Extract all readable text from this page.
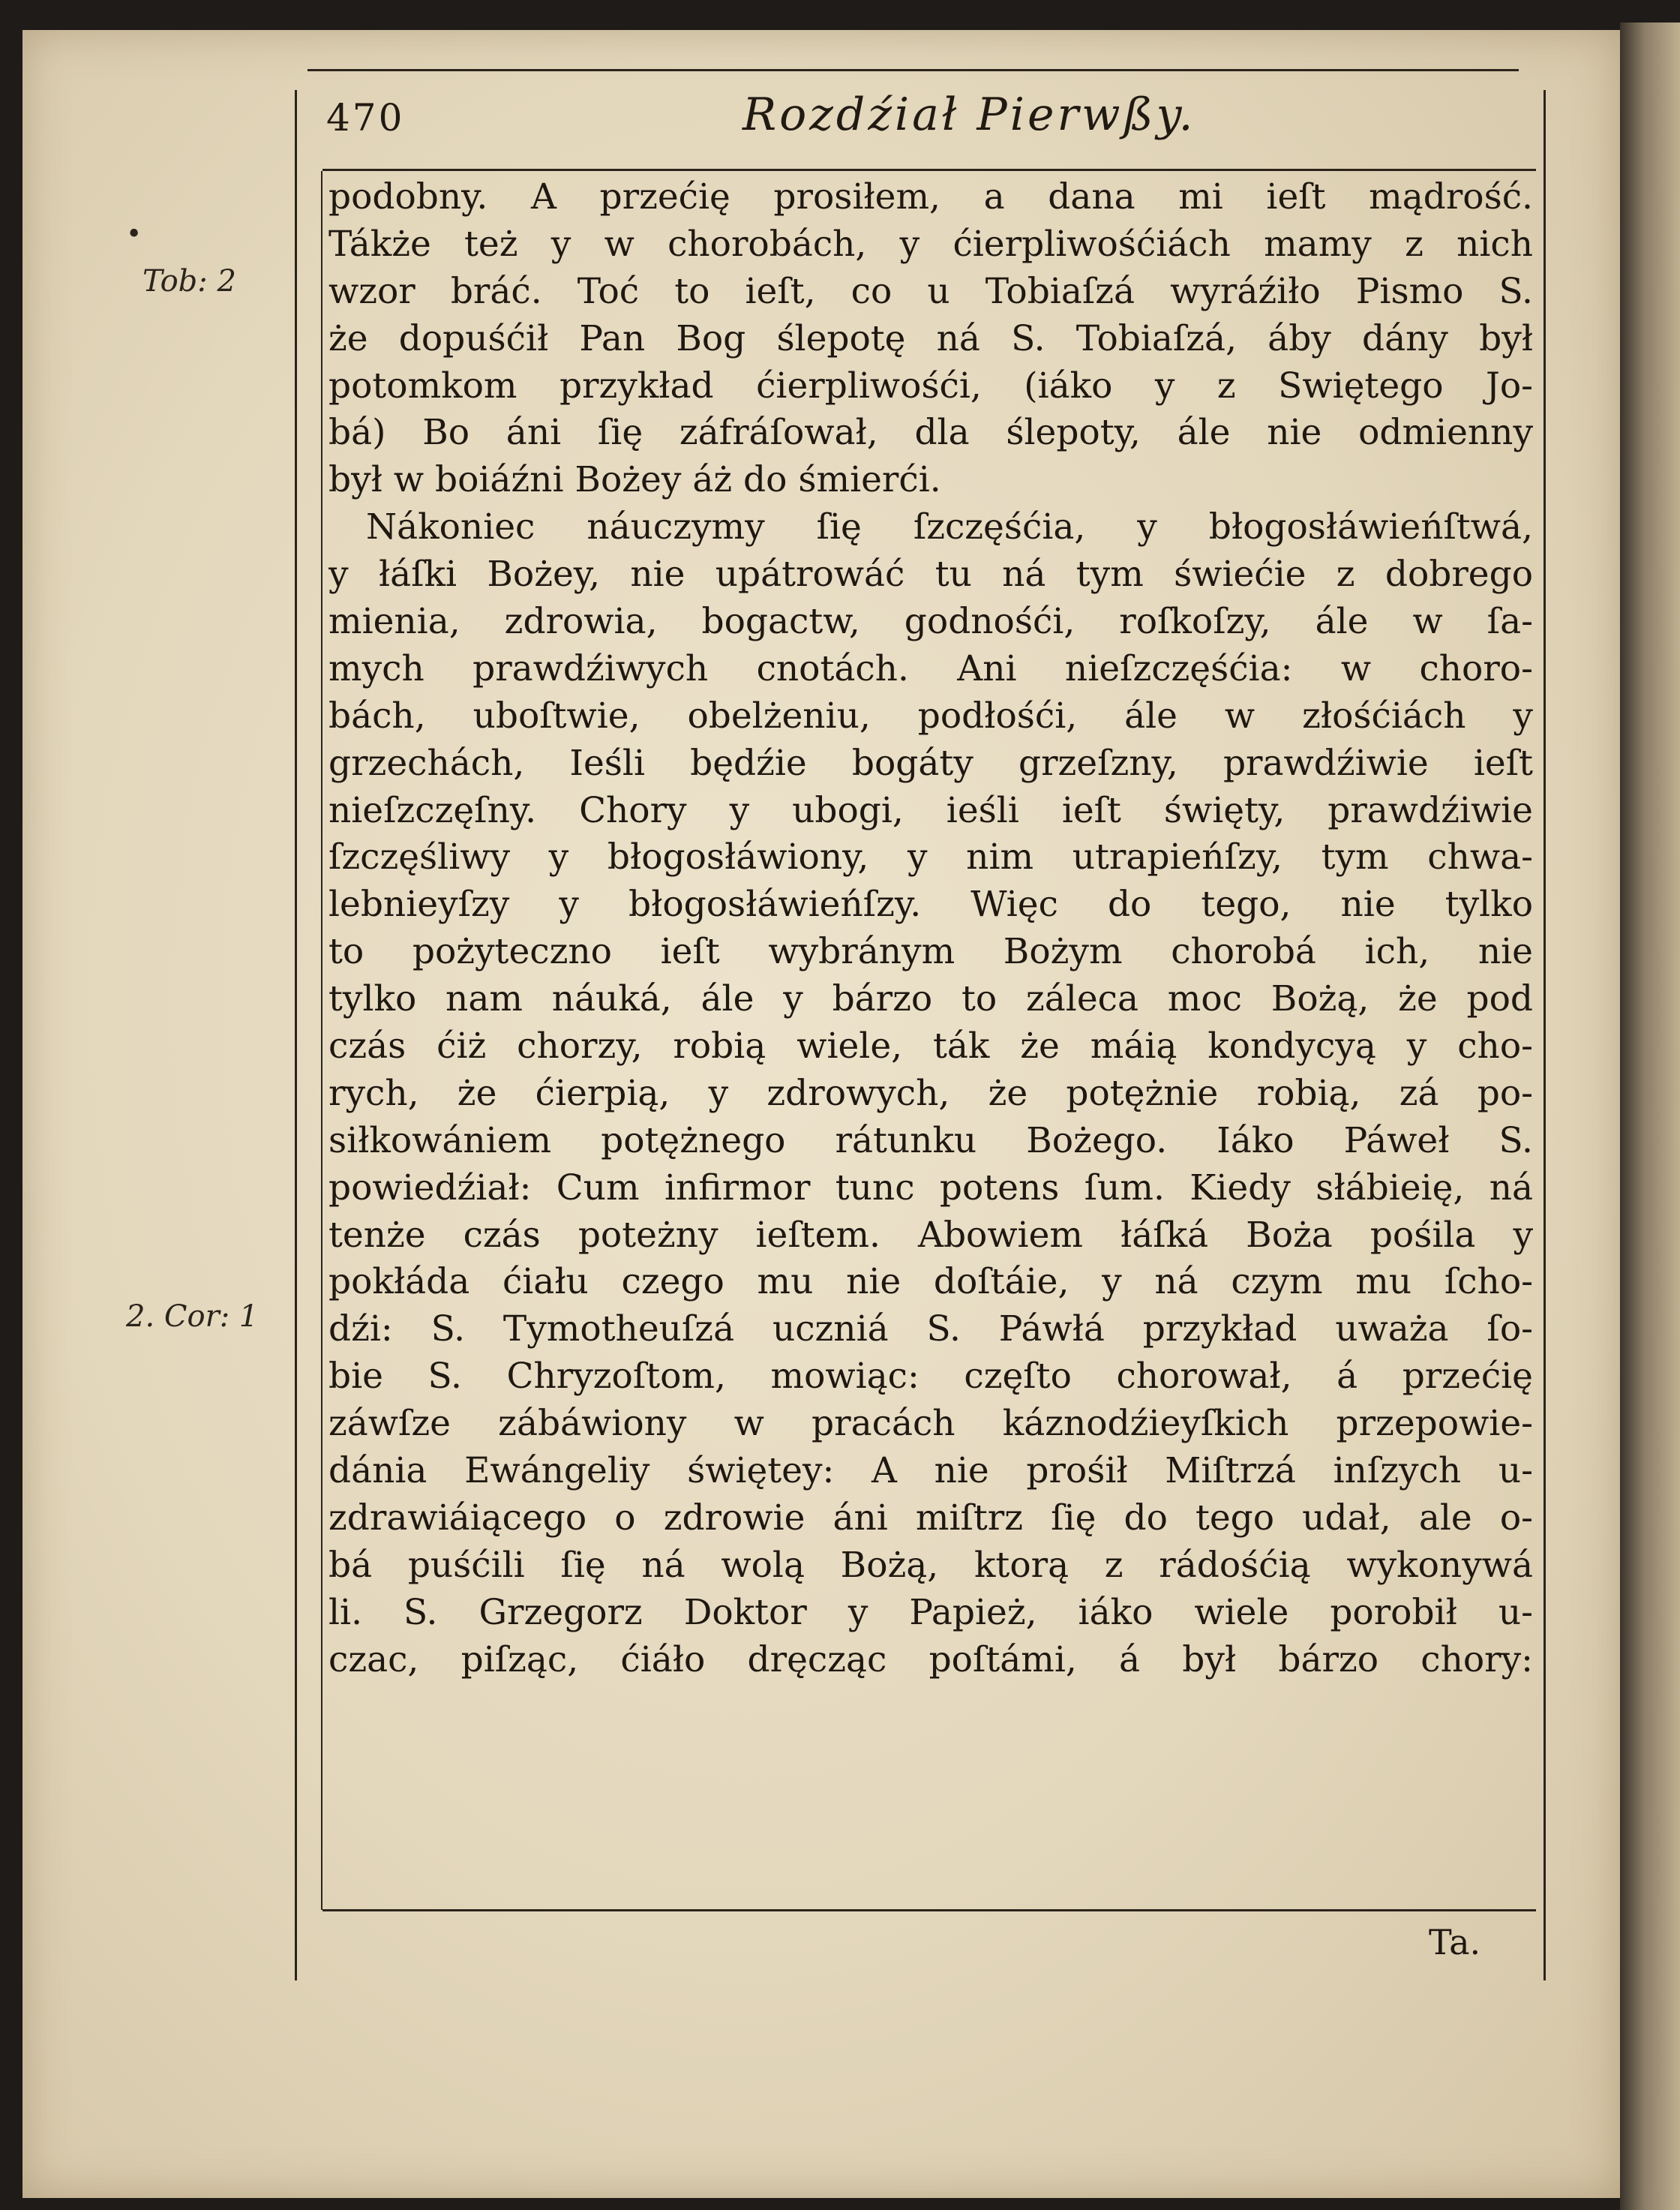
470	Rozdźiał Pierwßy.
•
Tob: 2
2. Cor: 1
podobny. A przećię prosiłem, a dana mi ieſt mądrość.
Tákże też y w chorobách, y ćierpliwośćiách mamy z nich
wzor bráć. Toć to ieſt, co u Tobiaſzá wyráźiło Pismo S.
że dopuśćił Pan Bog ślepotę ná S. Tobiaſzá, áby dány był
potomkom przykład ćierpliwośći, (iáko y z Swiętego Jo-
bá) Bo áni ſię záfráſował, dla ślepoty, ále nie odmienny
był w boiáźni Bożey áż do śmierći.
Nákoniec náuczymy ſię ſzczęśćia, y błogosłáwieńſtwá,
y łáſki Bożey, nie upátrowáć tu ná tym świećie z dobrego
mienia, zdrowia, bogactw, godnośći, roſkoſzy, ále w ſa-
mych prawdźiwych cnotách. Ani nieſzczęśćia: w choro-
bách, uboſtwie, obelżeniu, podłośći, ále w złośćiách y
grzechách, Ieśli będźie bogáty grzeſzny, prawdźiwie ieſt
nieſzczęſny. Chory y ubogi, ieśli ieſt święty, prawdźiwie
ſzczęśliwy y błogosłáwiony, y nim utrapieńſzy, tym chwa-
lebnieyſzy y błogosłáwieńſzy. Więc do tego, nie tylko
to pożyteczno ieſt wybránym Bożym chorobá ich, nie
tylko nam náuká, ále y bárzo to záleca moc Bożą, że pod
czás ćiż chorzy, robią wiele, ták że máią kondycyą y cho-
rych, że ćierpią, y zdrowych, że potężnie robią, zá po-
siłkowániem potężnego rátunku Bożego. Iáko Páweł S.
powiedźiał: Cum infirmor tunc potens ſum. Kiedy słábieię, ná
tenże czás poteżny ieſtem. Abowiem łáſká Boża pośila y
pokłáda ćiału czego mu nie doſtáie, y ná czym mu ſcho-
dźi: S. Tymotheuſzá uczniá S. Páwłá przykład uważa ſo-
bie S. Chryzoſtom, mowiąc: częſto chorował, á przećię
záwſze zábáwiony w pracách káznodźieyſkich przepowie-
dánia Ewángeliy świętey: A nie prośił Miſtrzá inſzych u-
zdrawiáiącego o zdrowie áni miſtrz ſię do tego udał, ale o-
bá puśćili ſię ná wolą Bożą, ktorą z rádośćią wykonywá
li. S. Grzegorz Doktor y Papież, iáko wiele porobił u-
czac, piſząc, ćiáło dręcząc poſtámi, á był bárzo chory:
Ta.
